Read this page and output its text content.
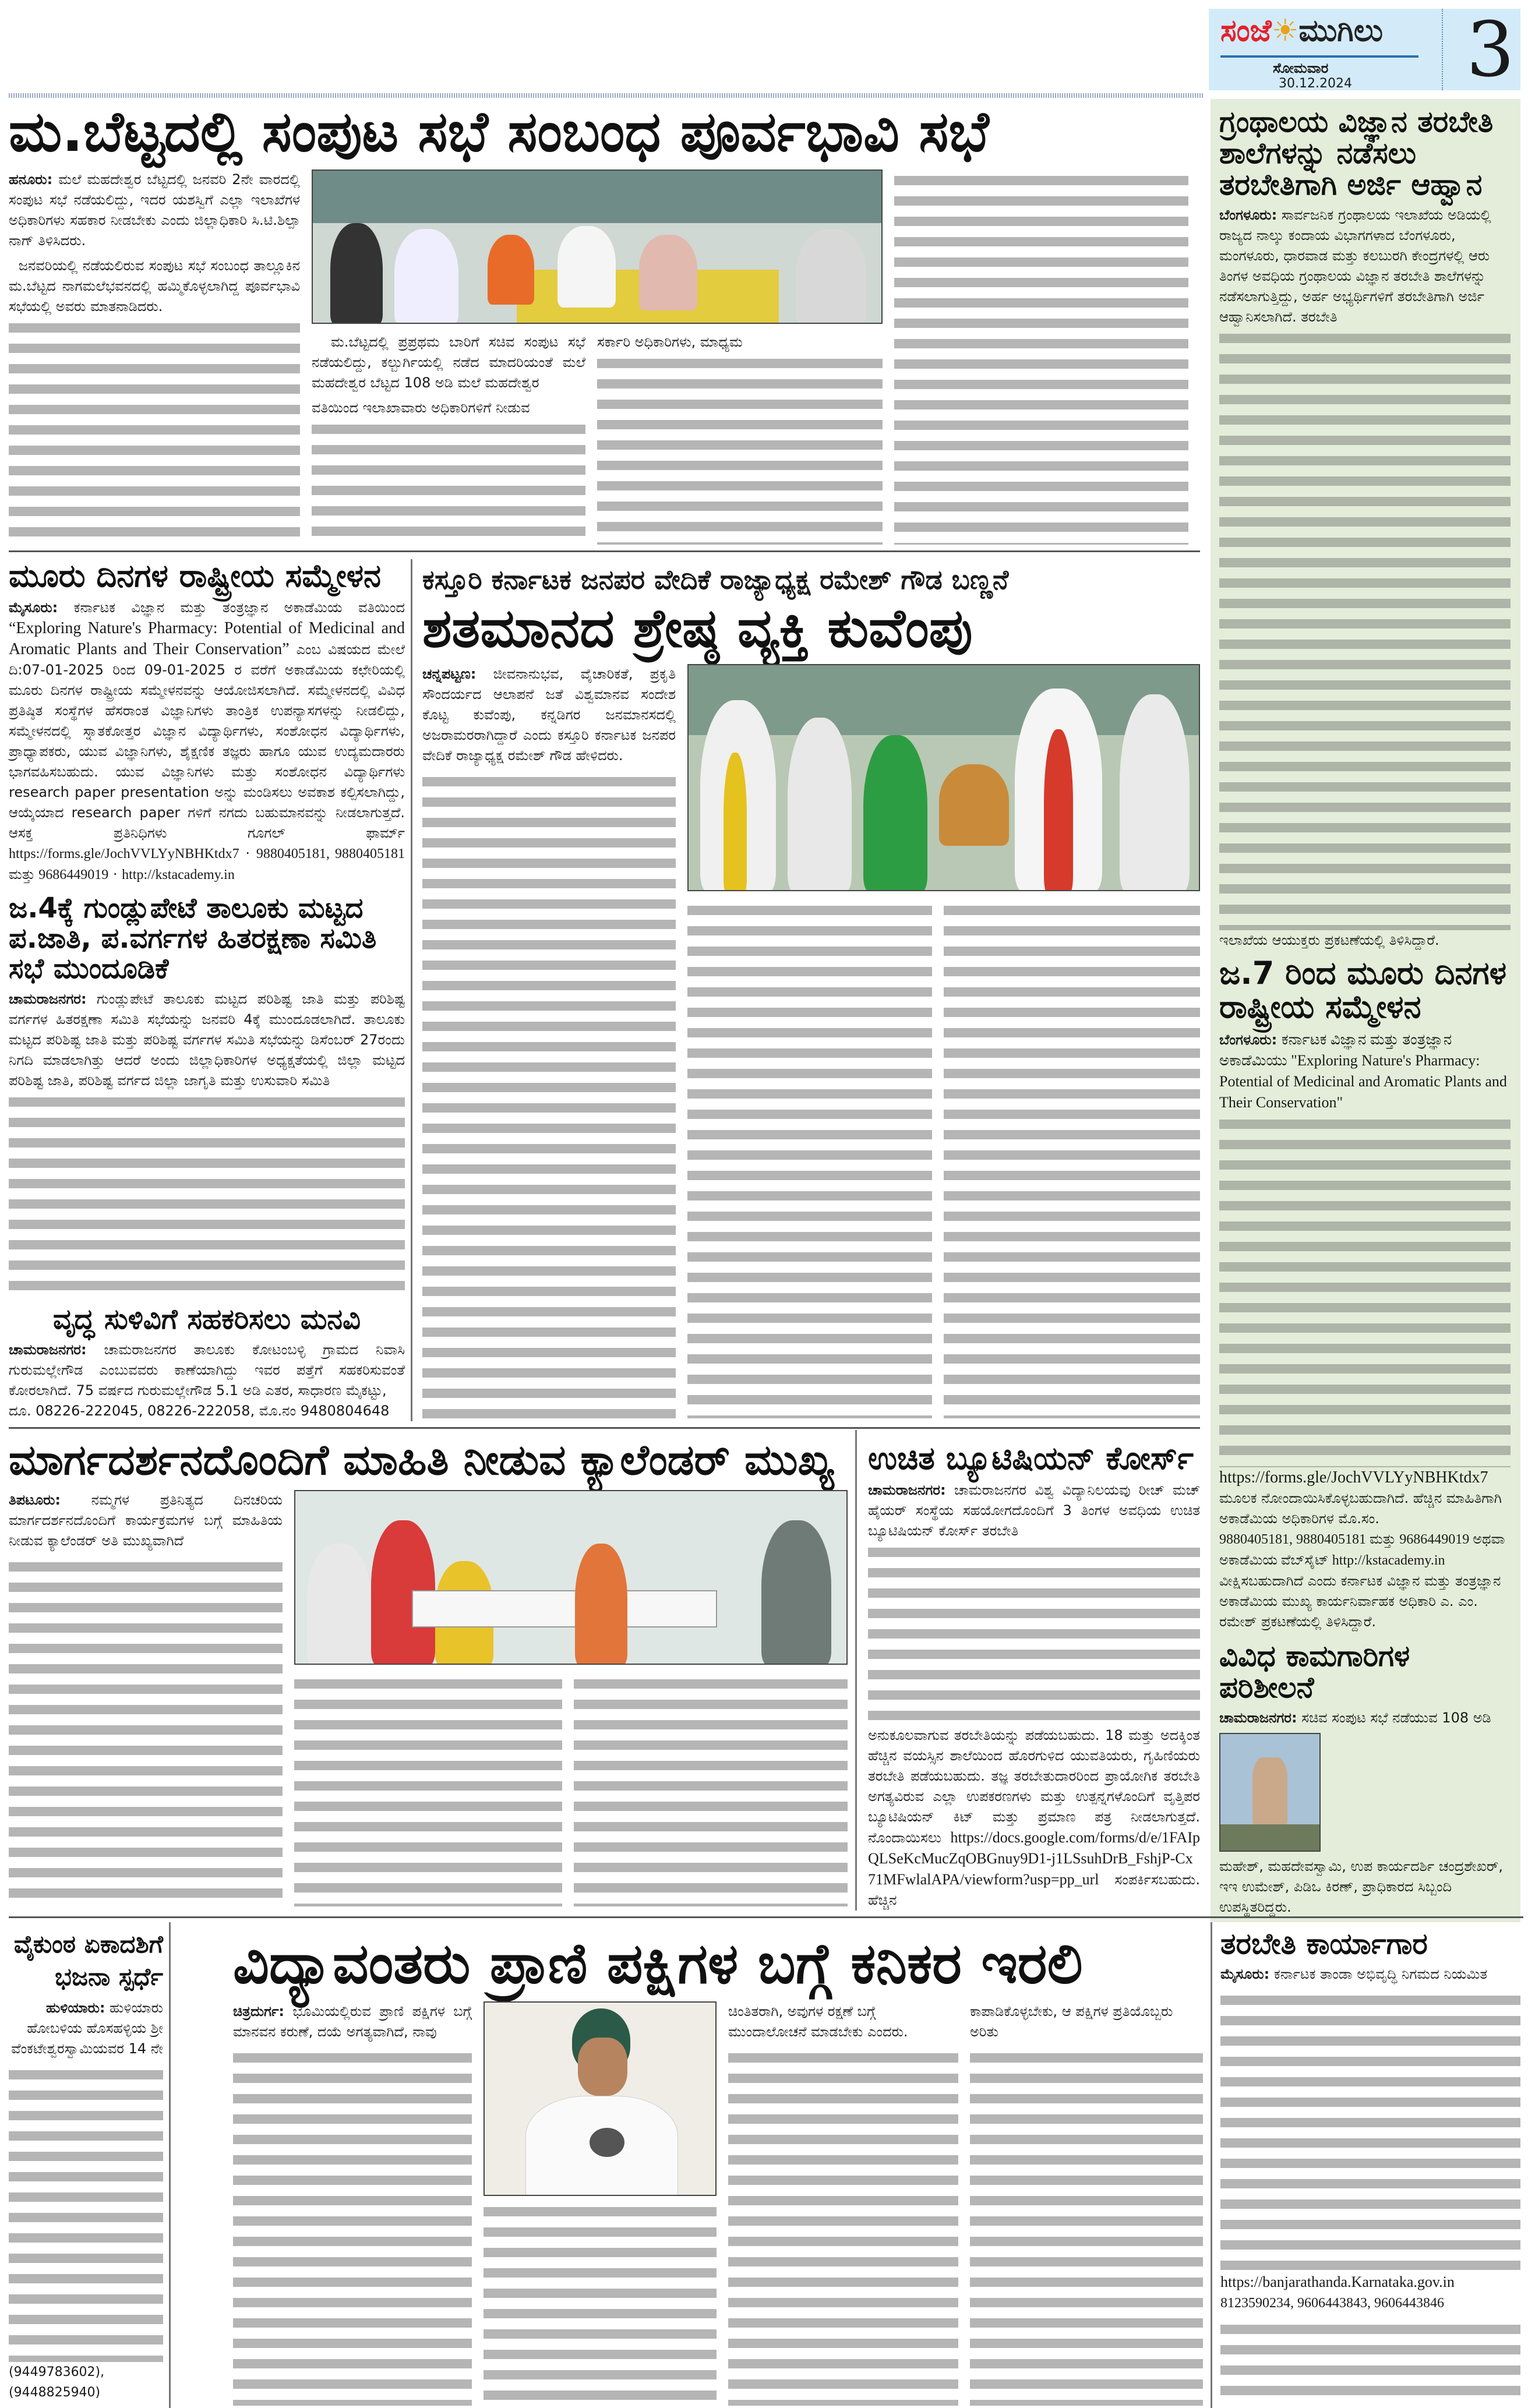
ಸಂಜೆ☀ಮುಗಿಲು
ಸೋಮವಾರ
30.12.2024	3
ಮ.ಬೆಟ್ಟದಲ್ಲಿ ಸಂಪುಟ ಸಭೆ ಸಂಬಂಧ ಪೂರ್ವಭಾವಿ ಸಭೆ

ಹನೂರು: ಮಲೆ ಮಹದೇಶ್ವರ ಬೆಟ್ಟದಲ್ಲಿ ಜನವರಿ 2ನೇ ವಾರದಲ್ಲಿ ಸಂಪುಟ ಸಭೆ ನಡೆಯಲಿದ್ದು, ಇದರ ಯಶಸ್ವಿಗೆ ಎಲ್ಲಾ ಇಲಾಖೆಗಳ ಅಧಿಕಾರಿಗಳು ಸಹಕಾರ ನೀಡಬೇಕು ಎಂದು ಜಿಲ್ಲಾಧಿಕಾರಿ ಸಿ.ಟಿ.ಶಿಲ್ಪಾ ನಾಗ್ ತಿಳಿಸಿದರು.

ಜನವರಿಯಲ್ಲಿ ನಡೆಯಲಿರುವ ಸಂಪುಟ ಸಭೆ ಸಂಬಂಧ ತಾಲ್ಲೂಕಿನ ಮ.ಬೆಟ್ಟದ ನಾಗಮಲೆಭವನದಲ್ಲಿ ಹಮ್ಮಿಕೊಳ್ಳಲಾಗಿದ್ದ ಪೂರ್ವಭಾವಿ ಸಭೆಯಲ್ಲಿ ಅವರು ಮಾತನಾಡಿದರು.

ಮ.ಬೆಟ್ಟದಲ್ಲಿ ಪ್ರಪ್ರಥಮ ಬಾರಿಗೆ ಸಚಿವ ಸಂಪುಟ ಸಭೆ ನಡೆಯಲಿದ್ದು, ಕಲ್ಬುರ್ಗಿಯಲ್ಲಿ ನಡೆದ ಮಾದರಿಯಂತೆ ಮಲೆ ಮಹದೇಶ್ವರ ಬೆಟ್ಟದ 108 ಅಡಿ ಮಲೆ ಮಹದೇಶ್ವರ

ವತಿಯಿಂದ ಇಲಾಖಾವಾರು ಅಧಿಕಾರಿಗಳಿಗೆ ನೀಡುವ

ಸರ್ಕಾರಿ ಅಧಿಕಾರಿಗಳು, ಮಾಧ್ಯಮ

ಗ್ರಂಥಾಲಯ ವಿಜ್ಞಾನ ತರಬೇತಿ ಶಾಲೆಗಳನ್ನು ನಡೆಸಲು ತರಬೇತಿಗಾಗಿ ಅರ್ಜಿ ಆಹ್ವಾನ

ಬೆಂಗಳೂರು: ಸಾರ್ವಜನಿಕ ಗ್ರಂಥಾಲಯ ಇಲಾಖೆಯ ಅಡಿಯಲ್ಲಿ ರಾಜ್ಯದ ನಾಲ್ಕು ಕಂದಾಯ ವಿಭಾಗಗಳಾದ ಬೆಂಗಳೂರು, ಮಂಗಳೂರು, ಧಾರವಾಡ ಮತ್ತು ಕಲಬುರಗಿ ಕೇಂದ್ರಗಳಲ್ಲಿ ಆರು ತಿಂಗಳ ಅವಧಿಯ ಗ್ರಂಥಾಲಯ ವಿಜ್ಞಾನ ತರಬೇತಿ ಶಾಲೆಗಳನ್ನು ನಡೆಸಲಾಗುತ್ತಿದ್ದು, ಅರ್ಹ ಅಭ್ಯರ್ಥಿಗಳಿಗೆ ತರಬೇತಿಗಾಗಿ ಅರ್ಜಿ ಆಹ್ವಾನಿಸಲಾಗಿದೆ. ತರಬೇತಿ

ಇಲಾಖೆಯ ಆಯುಕ್ತರು ಪ್ರಕಟಣೆಯಲ್ಲಿ ತಿಳಿಸಿದ್ದಾರೆ.

ಜ.7 ರಿಂದ ಮೂರು ದಿನಗಳ ರಾಷ್ಟ್ರೀಯ ಸಮ್ಮೇಳನ

ಬೆಂಗಳೂರು: ಕರ್ನಾಟಕ ವಿಜ್ಞಾನ ಮತ್ತು ತಂತ್ರಜ್ಞಾನ ಅಕಾಡೆಮಿಯು "Exploring Nature's Pharmacy: Potential of Medicinal and Aromatic Plants and Their Conservation"

https://forms.gle/JochVVLYyNBHKtdx7
ಮೂಲಕ ನೋಂದಾಯಿಸಿಕೊಳ್ಳಬಹುದಾಗಿದೆ. ಹೆಚ್ಚಿನ ಮಾಹಿತಿಗಾಗಿ ಅಕಾಡೆಮಿಯ ಅಧಿಕಾರಿಗಳ ಮೊ.ಸಂ.
9880405181, 9880405181 ಮತ್ತು 9686449019 ಅಥವಾ ಅಕಾಡೆಮಿಯ ವೆಬ್‌ಸೈಟ್ http://kstacademy.in
ವೀಕ್ಷಿಸಬಹುದಾಗಿದೆ ಎಂದು ಕರ್ನಾಟಕ ವಿಜ್ಞಾನ ಮತ್ತು ತಂತ್ರಜ್ಞಾನ ಅಕಾಡೆಮಿಯ ಮುಖ್ಯ ಕಾರ್ಯನಿರ್ವಾಹಕ ಅಧಿಕಾರಿ ಎ. ಎಂ. ರಮೇಶ್ ಪ್ರಕಟಣೆಯಲ್ಲಿ ತಿಳಿಸಿದ್ದಾರೆ.
ವಿವಿಧ ಕಾಮಗಾರಿಗಳ ಪರಿಶೀಲನೆ

ಚಾಮರಾಜನಗರ: ಸಚಿವ ಸಂಪುಟ ಸಭೆ ನಡೆಯುವ 108 ಅಡಿ

ಮಹೇಶ್, ಮಹದೇವಸ್ವಾಮಿ, ಉಪ ಕಾರ್ಯದರ್ಶಿ ಚಂದ್ರಶೇಖರ್, ಇಇ ಉಮೇಶ್, ಪಿಡಿಒ ಕಿರಣ್, ಪ್ರಾಧಿಕಾರದ ಸಿಬ್ಬಂದಿ ಉಪಸ್ಥಿತರಿದ್ದರು.

ಮೂರು ದಿನಗಳ ರಾಷ್ಟ್ರೀಯ ಸಮ್ಮೇಳನ

ಮೈಸೂರು: ಕರ್ನಾಟಕ ವಿಜ್ಞಾನ ಮತ್ತು ತಂತ್ರಜ್ಞಾನ ಅಕಾಡೆಮಿಯ ವತಿಯಿಂದ “Exploring Nature's Pharmacy: Potential of Medicinal and Aromatic Plants and Their Conservation” ಎಂಬ ವಿಷಯದ ಮೇಲೆ ದಿ:07-01-2025 ರಿಂದ 09-01-2025 ರ ವರೆಗೆ ಅಕಾಡೆಮಿಯ ಕಛೇರಿಯಲ್ಲಿ ಮೂರು ದಿನಗಳ ರಾಷ್ಟ್ರೀಯ ಸಮ್ಮೇಳನವನ್ನು ಆಯೋಜಿಸಲಾಗಿದೆ. ಸಮ್ಮೇಳನದಲ್ಲಿ ವಿವಿಧ ಪ್ರತಿಷ್ಠಿತ ಸಂಸ್ಥೆಗಳ ಹೆಸರಾಂತ ವಿಜ್ಞಾನಿಗಳು ತಾಂತ್ರಿಕ ಉಪನ್ಯಾಸಗಳನ್ನು ನೀಡಲಿದ್ದು, ಸಮ್ಮೇಳನದಲ್ಲಿ ಸ್ನಾತಕೋತ್ತರ ವಿಜ್ಞಾನ ವಿದ್ಯಾರ್ಥಿಗಳು, ಸಂಶೋಧನ ವಿದ್ಯಾರ್ಥಿಗಳು, ಪ್ರಾಧ್ಯಾಪಕರು, ಯುವ ವಿಜ್ಞಾನಿಗಳು, ಶೈಕ್ಷಣಿಕ ತಜ್ಞರು ಹಾಗೂ ಯುವ ಉದ್ಯಮದಾರರು ಭಾಗವಹಿಸಬಹುದು. ಯುವ ವಿಜ್ಞಾನಿಗಳು ಮತ್ತು ಸಂಶೋಧನ ವಿದ್ಯಾರ್ಥಿಗಳು research paper presentation ಅನ್ನು ಮಂಡಿಸಲು ಅವಕಾಶ ಕಲ್ಪಿಸಲಾಗಿದ್ದು, ಆಯ್ಕೆಯಾದ research paper ಗಳಿಗೆ ನಗದು ಬಹುಮಾನವನ್ನು ನೀಡಲಾಗುತ್ತದೆ. ಆಸಕ್ತ ಪ್ರತಿನಿಧಿಗಳು ಗೂಗಲ್ ಫಾರ್ಮ್ https://forms.gle/JochVVLYyNBHKtdx7 · 9880405181, 9880405181 ಮತ್ತು 9686449019 · http://kstacademy.in

ಜ.4ಕ್ಕೆ ಗುಂಡ್ಲುಪೇಟೆ ತಾಲೂಕು ಮಟ್ಟದ ಪ.ಜಾತಿ, ಪ.ವರ್ಗಗಳ ಹಿತರಕ್ಷಣಾ ಸಮಿತಿ ಸಭೆ ಮುಂದೂಡಿಕೆ

ಚಾಮರಾಜನಗರ: ಗುಂಡ್ಲುಪೇಟೆ ತಾಲೂಕು ಮಟ್ಟದ ಪರಿಶಿಷ್ಟ ಜಾತಿ ಮತ್ತು ಪರಿಶಿಷ್ಟ ವರ್ಗಗಳ ಹಿತರಕ್ಷಣಾ ಸಮಿತಿ ಸಭೆಯನ್ನು ಜನವರಿ 4ಕ್ಕೆ ಮುಂದೂಡಲಾಗಿದೆ. ತಾಲೂಕು ಮಟ್ಟದ ಪರಿಶಿಷ್ಟ ಜಾತಿ ಮತ್ತು ಪರಿಶಿಷ್ಟ ವರ್ಗಗಳ ಸಮಿತಿ ಸಭೆಯನ್ನು ಡಿಸೆಂಬರ್ 27ರಂದು ನಿಗದಿ ಮಾಡಲಾಗಿತ್ತು ಆದರೆ ಅಂದು ಜಿಲ್ಲಾಧಿಕಾರಿಗಳ ಅಧ್ಯಕ್ಷತೆಯಲ್ಲಿ ಜಿಲ್ಲಾ ಮಟ್ಟದ ಪರಿಶಿಷ್ಟ ಜಾತಿ, ಪರಿಶಿಷ್ಟ ವರ್ಗದ ಜಿಲ್ಲಾ ಜಾಗೃತಿ ಮತ್ತು ಉಸುವಾರಿ ಸಮಿತಿ

ವೃದ್ಧ ಸುಳಿವಿಗೆ ಸಹಕರಿಸಲು ಮನವಿ

ಚಾಮರಾಜನಗರ: ಚಾಮರಾಜನಗರ ತಾಲೂಕು ಕೋಟಂಬಳ್ಳಿ ಗ್ರಾಮದ ನಿವಾಸಿ ಗುರುಮಲ್ಲೇಗೌಡ ಎಂಬುವವರು ಕಾಣೆಯಾಗಿದ್ದು ಇವರ ಪತ್ತೆಗೆ ಸಹಕರಿಸುವಂತೆ ಕೋರಲಾಗಿದೆ. 75 ವರ್ಷದ ಗುರುಮಲ್ಲೇಗೌಡ 5.1 ಅಡಿ ಎತರ, ಸಾಧಾರಣ ಮೈಕಟ್ಟು,

ದೂ. 08226-222045, 08226-222058, ಮೊ.ನಂ 9480804648

ಕಸ್ತೂರಿ ಕರ್ನಾಟಕ ಜನಪರ ವೇದಿಕೆ ರಾಜ್ಯಾಧ್ಯಕ್ಷ ರಮೇಶ್ ಗೌಡ ಬಣ್ಣನೆ
ಶತಮಾನದ ಶ್ರೇಷ್ಠ ವ್ಯಕ್ತಿ ಕುವೆಂಪು

ಚನ್ನಪಟ್ಟಣ: ಜೀವನಾನುಭವ, ವೈಚಾರಿಕತೆ, ಪ್ರಕೃತಿ ಸೌಂದರ್ಯದ ಆಲಾಪನೆ ಜತೆ ವಿಶ್ವಮಾನವ ಸಂದೇಶ ಕೊಟ್ಟ ಕುವೆಂಪು, ಕನ್ನಡಿಗರ ಜನಮಾನಸದಲ್ಲಿ ಅಜರಾಮರರಾಗಿದ್ದಾರೆ ಎಂದು ಕಸ್ತೂರಿ ಕರ್ನಾಟಕ ಜನಪರ ವೇದಿಕೆ ರಾಜ್ಯಾಧ್ಯಕ್ಷ ರಮೇಶ್ ಗೌಡ ಹೇಳಿದರು.

ಮಾರ್ಗದರ್ಶನದೊಂದಿಗೆ ಮಾಹಿತಿ ನೀಡುವ ಕ್ಯಾಲೆಂಡರ್ ಮುಖ್ಯ

ತಿಪಟೂರು: ನಮ್ಮಗಳ ಪ್ರತಿನಿತ್ಯದ ದಿನಚರಿಯ ಮಾರ್ಗದರ್ಶನದೊಂದಿಗೆ ಕಾರ್ಯಕ್ರಮಗಳ ಬಗ್ಗೆ ಮಾಹಿತಿಯ ನೀಡುವ ಕ್ಯಾಲೆಂಡರ್ ಅತಿ ಮುಖ್ಯವಾಗಿದೆ

ಉಚಿತ ಬ್ಯೂಟಿಷಿಯನ್ ಕೋರ್ಸ್

ಚಾಮರಾಜನಗರ: ಚಾಮರಾಜನಗರ ವಿಶ್ವ ವಿದ್ಯಾನಿಲಯವು ರೀಚ್ ಮಚ್ ಹೈಯರ್ ಸಂಸ್ಥೆಯ ಸಹಯೋಗದೊಂದಿಗೆ 3 ತಿಂಗಳ ಅವಧಿಯ ಉಚಿತ ಬ್ಯೂಟಿಷಿಯನ್ ಕೋರ್ಸ್ ತರಬೇತಿ

ಅನುಕೂಲವಾಗುವ ತರಬೇತಿಯನ್ನು ಪಡೆಯಬಹುದು. 18 ಮತ್ತು ಅದಕ್ಕಿಂತ ಹೆಚ್ಚಿನ ವಯಸ್ಸಿನ ಶಾಲೆಯಿಂದ ಹೊರಗುಳಿದ ಯುವತಿಯರು, ಗೃಹಿಣಿಯರು ತರಬೇತಿ ಪಡೆಯಬಹುದು. ತಜ್ಞ ತರಬೇತುದಾರರಿಂದ ಪ್ರಾಯೋಗಿಕ ತರಬೇತಿ ಅಗತ್ಯವಿರುವ ಎಲ್ಲಾ ಉಪಕರಣಗಳು ಮತ್ತು ಉತ್ಪನ್ನಗಳೊಂದಿಗೆ ವೃತ್ತಿಪರ ಬ್ಯೂಟಿಷಿಯನ್ ಕಿಟ್ ಮತ್ತು ಪ್ರಮಾಣ ಪತ್ರ ನೀಡಲಾಗುತ್ತದೆ. ನೊಂದಾಯಿಸಲು https://docs.google.com/forms/d/e/1FAIpQLSeKcMucZqOBGnuy9D1-j1LSsuhDrB_FshjP-Cx71MFwlalAPA/viewform?usp=pp_url ಸಂಪರ್ಕಿಸಬಹುದು. ಹೆಚ್ಚಿನ

ವೈಕುಂಠ ಏಕಾದಶಿಗೆ ಭಜನಾ ಸ್ಪರ್ಧೆ

ಹುಳಿಯಾರು: ಹುಳಿಯಾರು ಹೋಬಳಿಯ ಹೊಸಹಳ್ಳಿಯ ಶ್ರೀ ವೆಂಕಟೇಶ್ವರಸ್ವಾಮಿಯವರ 14 ನೇ

(9449783602), (9448825940)

ವಿದ್ಯಾವಂತರು ಪ್ರಾಣಿ ಪಕ್ಷಿಗಳ ಬಗ್ಗೆ ಕನಿಕರ ಇರಲಿ

ಚಿತ್ರದುರ್ಗ: ಭೂಮಿಯಲ್ಲಿರುವ ಪ್ರಾಣಿ ಪಕ್ಷಿಗಳ ಬಗ್ಗೆ ಮಾನವನ ಕರುಣೆ, ದಯೆ ಅಗತ್ಯವಾಗಿದೆ, ನಾವು

ಚಿಂತಿತರಾಗಿ, ಅವುಗಳ ರಕ್ಷಣೆ ಬಗ್ಗೆ ಮುಂದಾಲೋಚನೆ ಮಾಡಬೇಕು ಎಂದರು.

ಕಾಪಾಡಿಕೊಳ್ಳಬೇಕು, ಆ ಪಕ್ಷಿಗಳ ಪ್ರತಿಯೊಬ್ಬರು ಅರಿತು

ತರಬೇತಿ ಕಾರ್ಯಾಗಾರ

ಮೈಸೂರು: ಕರ್ನಾಟಕ ತಾಂಡಾ ಅಭಿವೃದ್ಧಿ ನಿಗಮದ ನಿಯಮಿತ

https://banjarathanda.Karnataka.gov.in
8123590234, 9606443843, 9606443846
